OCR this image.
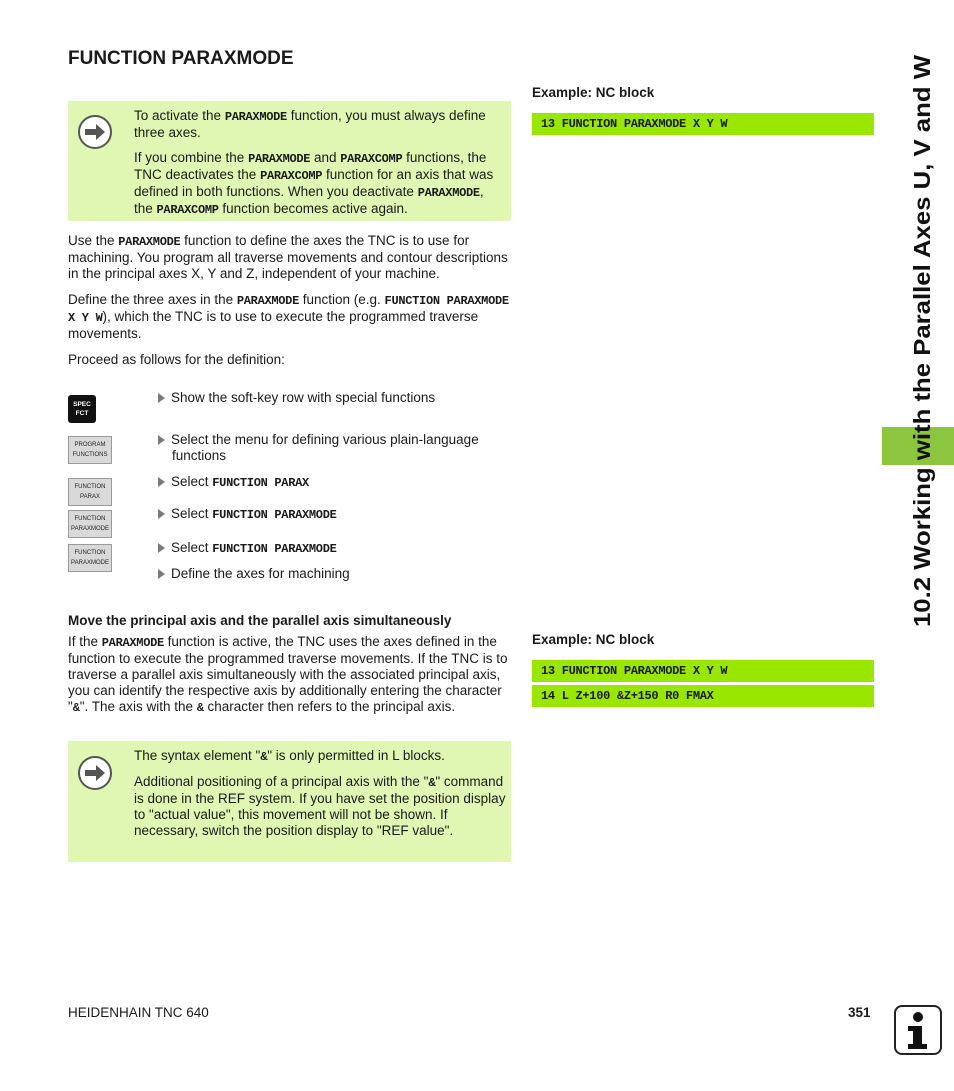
FUNCTION PARAXMODE

To activate the PARAXMODE function, you must always define three axes.

If you combine the PARAXMODE and PARAXCOMP functions, the TNC deactivates the PARAXCOMP function for an axis that was defined in both functions. When you deactivate PARAXMODE, the PARAXCOMP function becomes active again.

Use the PARAXMODE function to define the axes the TNC is to use for machining. You program all traverse movements and contour descriptions in the principal axes X, Y and Z, independent of your machine.

Define the three axes in the PARAXMODE function (e.g. FUNCTION PARAXMODE X Y W), which the TNC is to use to execute the programmed traverse movements.

Proceed as follows for the definition:

SPEC
FCT
PROGRAM
FUNCTIONS
FUNCTION
PARAX
FUNCTION
PARAXMODE
FUNCTION
PARAXMODE
Show the soft-key row with special functions
Select the menu for defining various plain-language functions
Select FUNCTION PARAX
Select FUNCTION PARAXMODE
Select FUNCTION PARAXMODE
Define the axes for machining
Move the principal axis and the parallel axis simultaneously

If the PARAXMODE function is active, the TNC uses the axes defined in the function to execute the programmed traverse movements. If the TNC is to traverse a parallel axis simultaneously with the associated principal axis, you can identify the respective axis by additionally entering the character "&". The axis with the & character then refers to the principal axis.

The syntax element "&" is only permitted in L blocks.

Additional positioning of a principal axis with the "&" command is done in the REF system. If you have set the position display to "actual value", this movement will not be shown. If necessary, switch the position display to "REF value".

Example: NC block
13 FUNCTION PARAXMODE X Y W
Example: NC block
13 FUNCTION PARAXMODE X Y W
14 L Z+100 &Z+150 R0 FMAX
10.2 Working with the Parallel Axes U, V and W
HEIDENHAIN TNC 640	351
